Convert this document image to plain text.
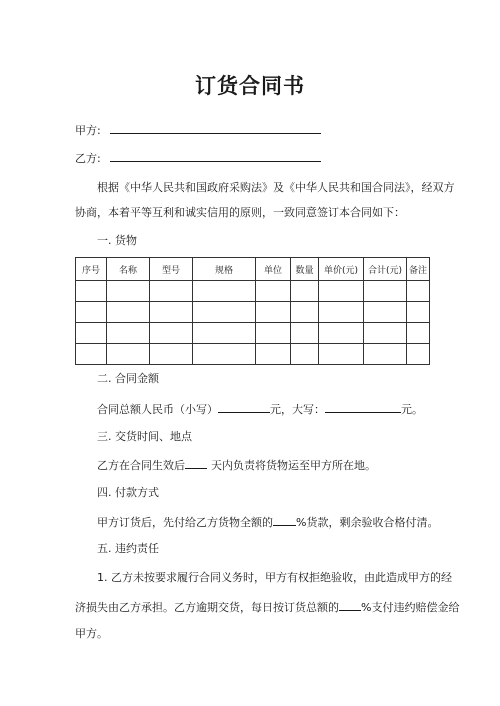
订货合同书
甲方:
乙方:
根据《中华人民共和国政府采购法》及《中华人民共和国合同法》，经双方
协商，本着平等互利和诚实信用的原则，一致同意签订本合同如下：
一. 货物
序号	名称	型号	规格	单位	数量	单价(元)	合计(元)	备注

二. 合同金额
合同总额人民币（小写）	元，大写：	元。
三. 交货时间、地点
乙方在合同生效后 天内负责将货物运至甲方所在地。
四. 付款方式
甲方订货后，先付给乙方货物全额的 %货款，剩余验收合格付清。
五. 违约责任
1. 乙方未按要求履行合同义务时，甲方有权拒绝验收，由此造成甲方的经
济损失由乙方承担。乙方逾期交货，每日按订货总额的 %支付违约赔偿金给
甲方。
